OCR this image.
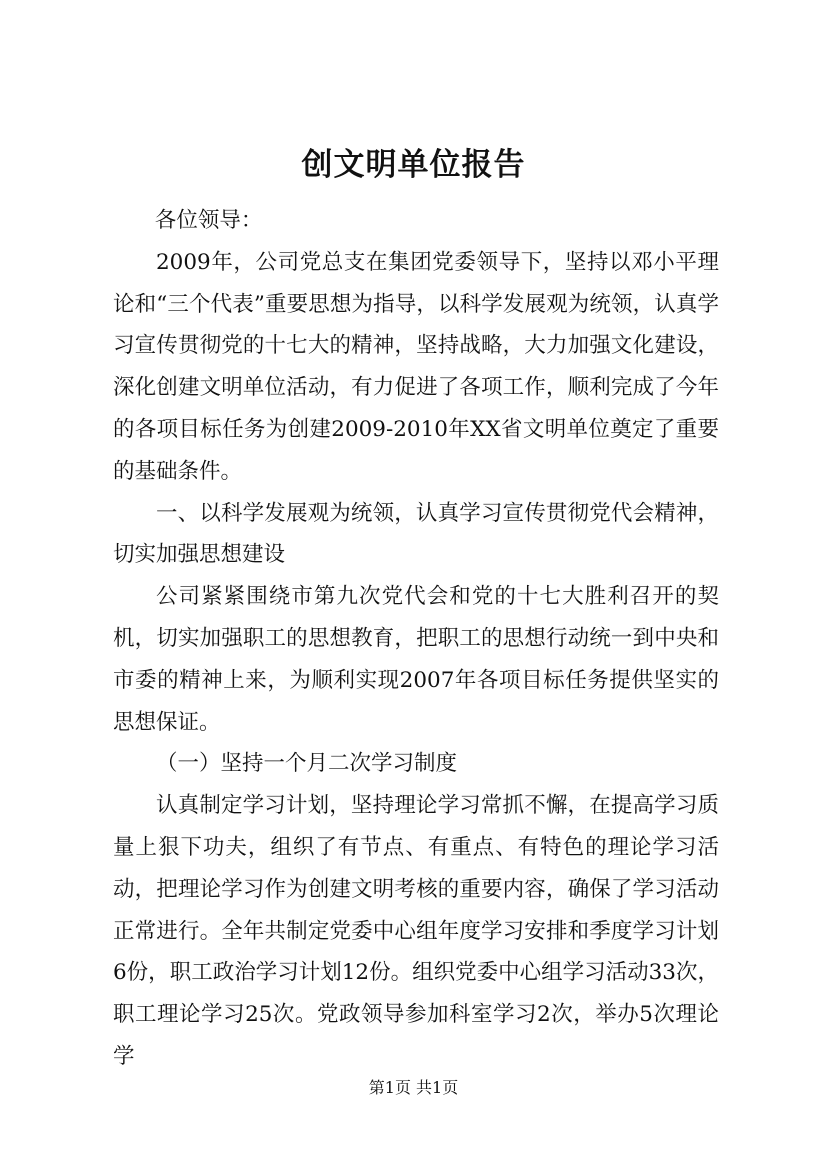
创文明单位报告

各位领导：

2009年，公司党总支在集团党委领导下，坚持以邓小平理论和“三个代表”重要思想为指导，以科学发展观为统领，认真学习宣传贯彻党的十七大的精神，坚持战略，大力加强文化建设，深化创建文明单位活动，有力促进了各项工作，顺利完成了今年的各项目标任务为创建2009-2010年XX省文明单位奠定了重要的基础条件。

一、以科学发展观为统领，认真学习宣传贯彻党代会精神，切实加强思想建设

公司紧紧围绕市第九次党代会和党的十七大胜利召开的契机，切实加强职工的思想教育，把职工的思想行动统一到中央和市委的精神上来，为顺利实现2007年各项目标任务提供坚实的思想保证。

（一）坚持一个月二次学习制度

认真制定学习计划，坚持理论学习常抓不懈，在提高学习质量上狠下功夫，组织了有节点、有重点、有特色的理论学习活动，把理论学习作为创建文明考核的重要内容，确保了学习活动正常进行。全年共制定党委中心组年度学习安排和季度学习计划6份，职工政治学习计划12份。组织党委中心组学习活动33次，职工理论学习25次。党政领导参加科室学习2次，举办5次理论学

第1页 共1页
